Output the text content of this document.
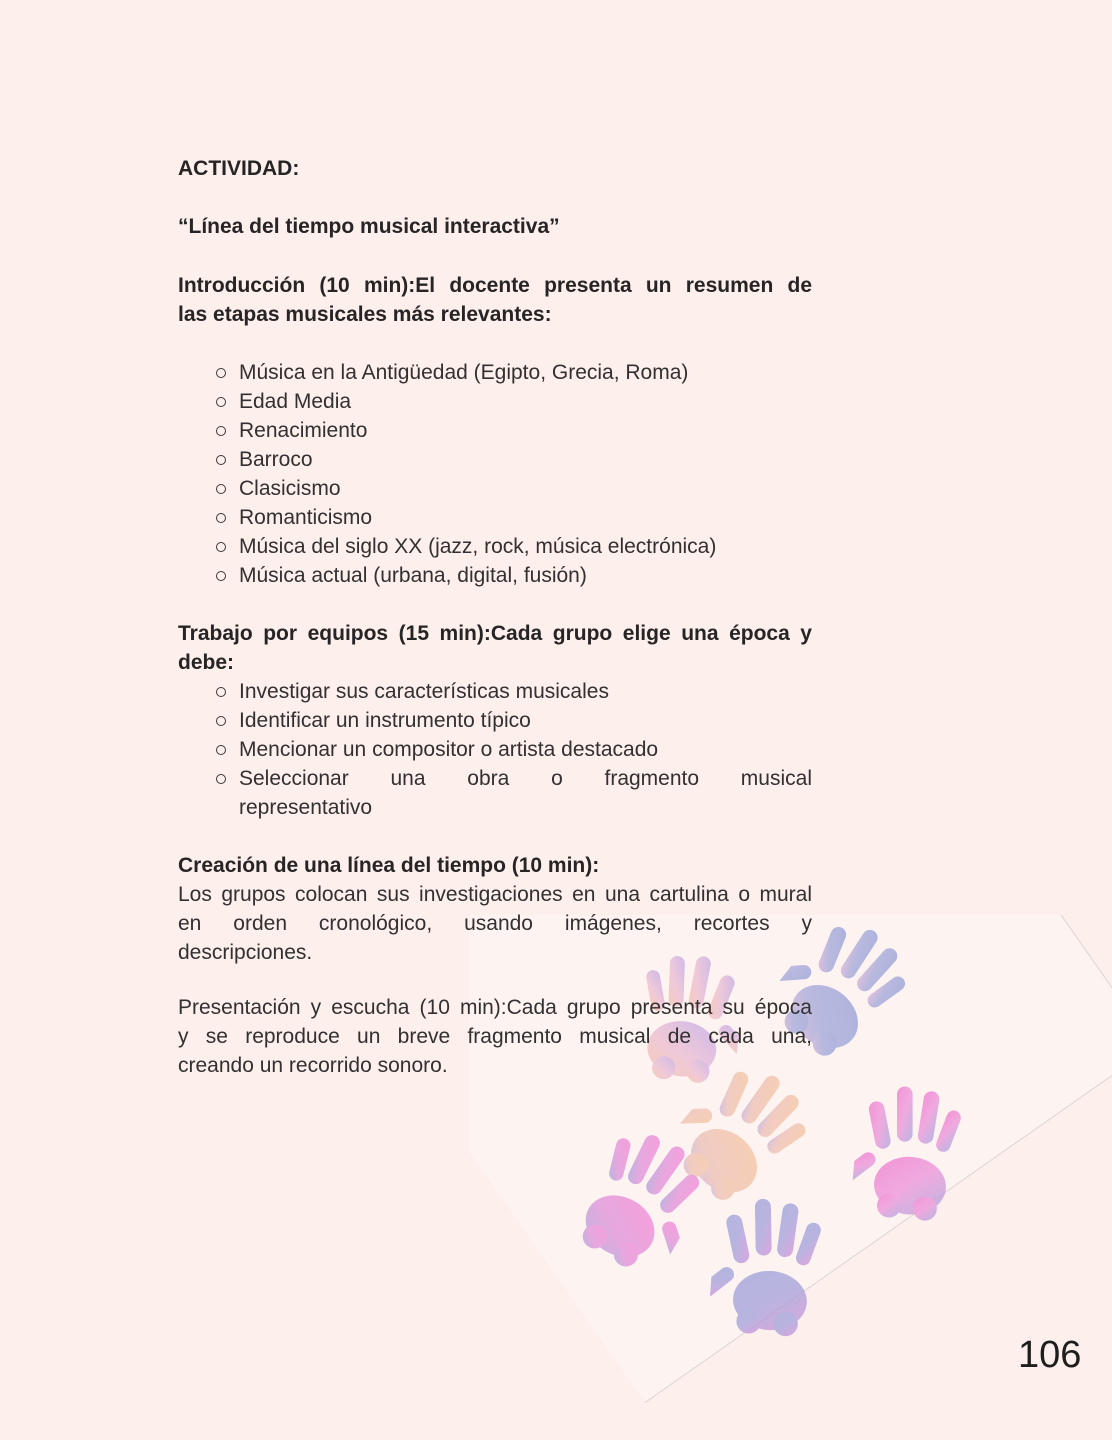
ACTIVIDAD:
“Línea del tiempo musical interactiva”
Introducción (10 min):El docente presenta un resumen de
las etapas musicales más relevantes:
Música en la Antigüedad (Egipto, Grecia, Roma)
Edad Media
Renacimiento
Barroco
Clasicismo
Romanticismo
Música del siglo XX (jazz, rock, música electrónica)
Música actual (urbana, digital, fusión)
Trabajo por equipos (15 min):Cada grupo elige una época y
debe:
Investigar sus características musicales
Identificar un instrumento típico
Mencionar un compositor o artista destacado
Seleccionar una obra o fragmento musical
representativo
Creación de una línea del tiempo (10 min):
Los grupos colocan sus investigaciones en una cartulina o mural
en orden cronológico, usando imágenes, recortes y
descripciones.
Presentación y escucha (10 min):Cada grupo presenta su época
y se reproduce un breve fragmento musical de cada una,
creando un recorrido sonoro.
106
